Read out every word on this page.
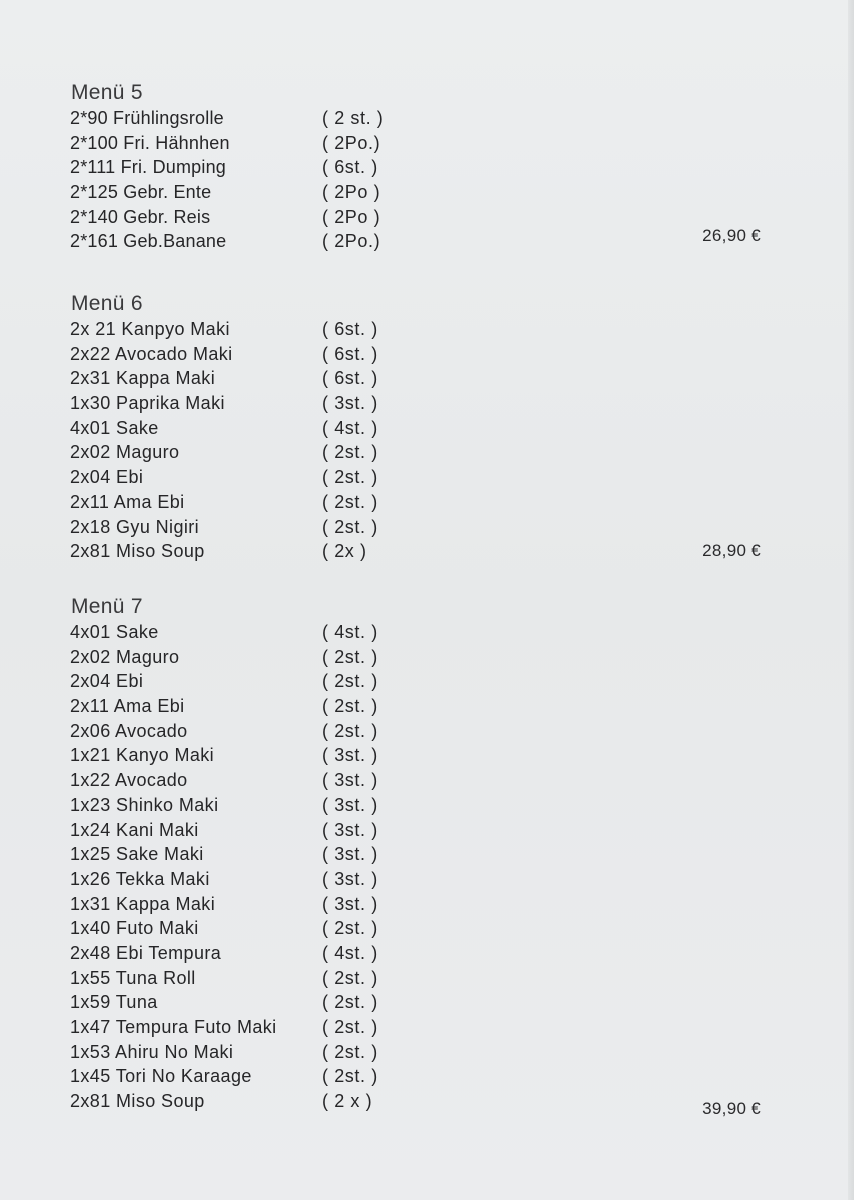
Menü 5
2*90 Frühlingsrolle	( 2 st. )
2*100 Fri. Hähnhen	( 2Po.)
2*111 Fri. Dumping	( 6st. )
2*125 Gebr. Ente	( 2Po )
2*140 Gebr. Reis	( 2Po )
2*161 Geb.Banane	( 2Po.)	26,90 €
Menü 6
2x 21 Kanpyo Maki	( 6st. )
2x22 Avocado Maki	( 6st. )
2x31 Kappa Maki	( 6st. )
1x30 Paprika Maki	( 3st. )
4x01 Sake	( 4st. )
2x02 Maguro	( 2st. )
2x04 Ebi	( 2st. )
2x11 Ama Ebi	( 2st. )
2x18 Gyu Nigiri	( 2st. )
2x81 Miso Soup	( 2x )	28,90 €
Menü 7
4x01 Sake	( 4st. )
2x02 Maguro	( 2st. )
2x04 Ebi	( 2st. )
2x11 Ama Ebi	( 2st. )
2x06 Avocado	( 2st. )
1x21 Kanyo Maki	( 3st. )
1x22 Avocado	( 3st. )
1x23 Shinko Maki	( 3st. )
1x24 Kani Maki	( 3st. )
1x25 Sake Maki	( 3st. )
1x26 Tekka Maki	( 3st. )
1x31 Kappa Maki	( 3st. )
1x40 Futo Maki	( 2st. )
2x48 Ebi Tempura	( 4st. )
1x55 Tuna Roll	( 2st. )
1x59 Tuna	( 2st. )
1x47 Tempura Futo Maki	( 2st. )
1x53 Ahiru No Maki	( 2st. )
1x45 Tori No Karaage	( 2st. )
2x81 Miso Soup	( 2 x )	39,90 €
